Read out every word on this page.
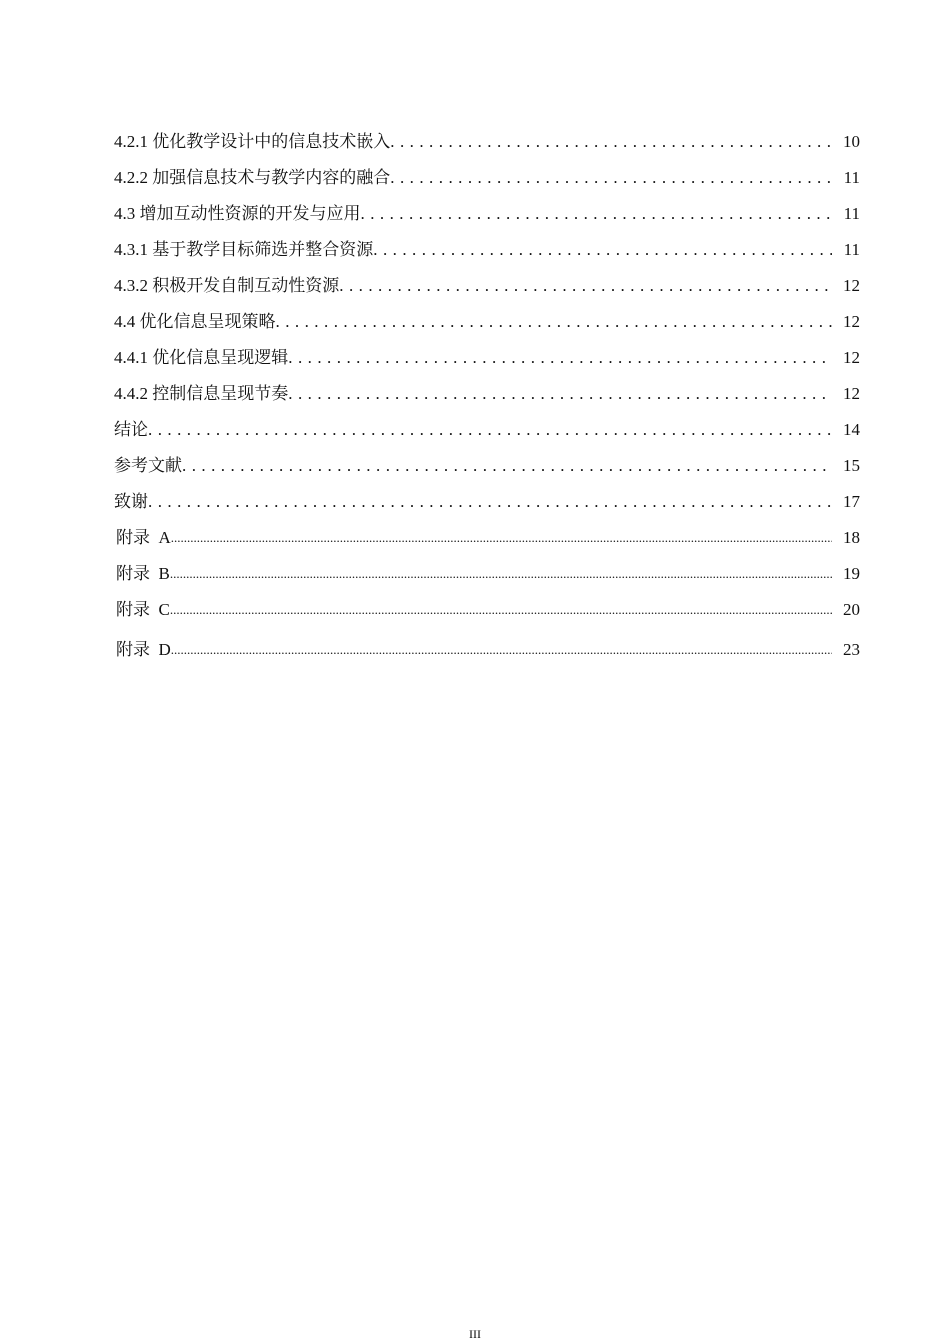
4.2.1 优化教学设计中的信息技术嵌入 . . .	10
4.2.2 加强信息技术与教学内容的融合 . . .	11
4.3 增加互动性资源的开发与应用 . . .	11
4.3.1 基于教学目标筛选并整合资源 . . .	11
4.3.2 积极开发自制互动性资源 . . .	12
4.4 优化信息呈现策略 . . .	12
4.4.1 优化信息呈现逻辑 . . .	12
4.4.2 控制信息呈现节奏 . . .	12
结论 . . .	14
参考文献 . . .	15
致谢 . . .	17
附录  A .....	18
附录  B .....	19
附录  C .....	20
附录  D .....	23
III
